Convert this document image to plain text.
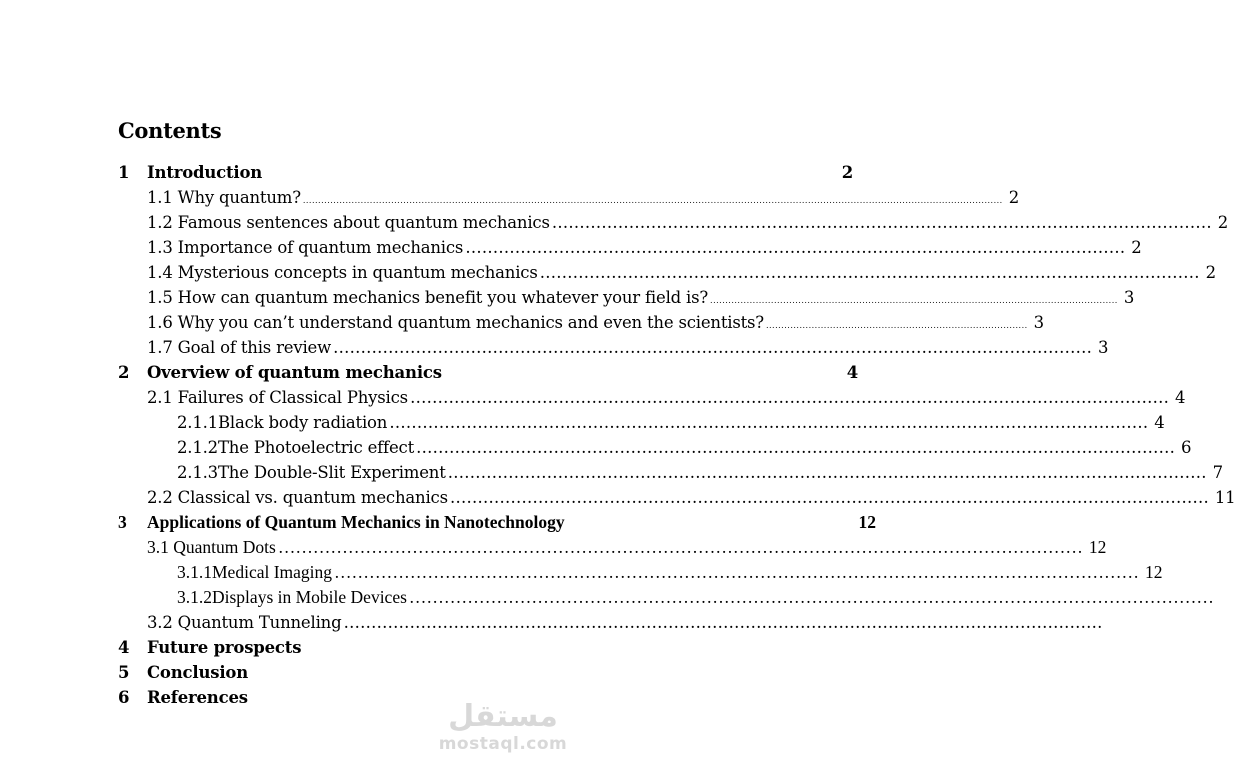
Contents
1	Introduction	2
1.1 Why quantum? ...................................................................................................................................................................................................................................... 2
1.2 Famous sentences about quantum mechanics ………………………………………………………………………………………………………… 2
1.3 Importance of quantum mechanics ………………………………………………………………………………………………………… 2
1.4 Mysterious concepts in quantum mechanics ………………………………………………………………………………………………………… 2
1.5 How can quantum mechanics benefit you whatever your field is? ...................................................................................................................................... 3
1.6 Why you can’t understand quantum mechanics and even the scientists? ...................................................................................... 3
1.7 Goal of this review ………………………………………………………………………………………………………………………… 3
2	Overview of quantum mechanics	4
2.1 Failures of Classical Physics ………………………………………………………………………………………………………………………… 4
2.1.1 Black body radiation ………………………………………………………………………………………………………………………… 4
2.1.2 The Photoelectric effect ………………………………………………………………………………………………………………………… 6
2.1.3 The Double-Slit Experiment ………………………………………………………………………………………………………………………… 7
2.2 Classical vs. quantum mechanics ………………………………………………………………………………………………………………………… 11
3	Applications of Quantum Mechanics in Nanotechnology	12
3.1 Quantum Dots ………………………………………………………………………………………………………………………… 12
3.1.1 Medical Imaging ………………………………………………………………………………………………………………………… 12
3.1.2 Displays in Mobile Devices …………………………………………………………………………………………………………………………
3.2 Quantum Tunneling …………………………………………………………………………………………………………………………
4	Future prospects
5	Conclusion
6	References
مستقل
mostaql.com
